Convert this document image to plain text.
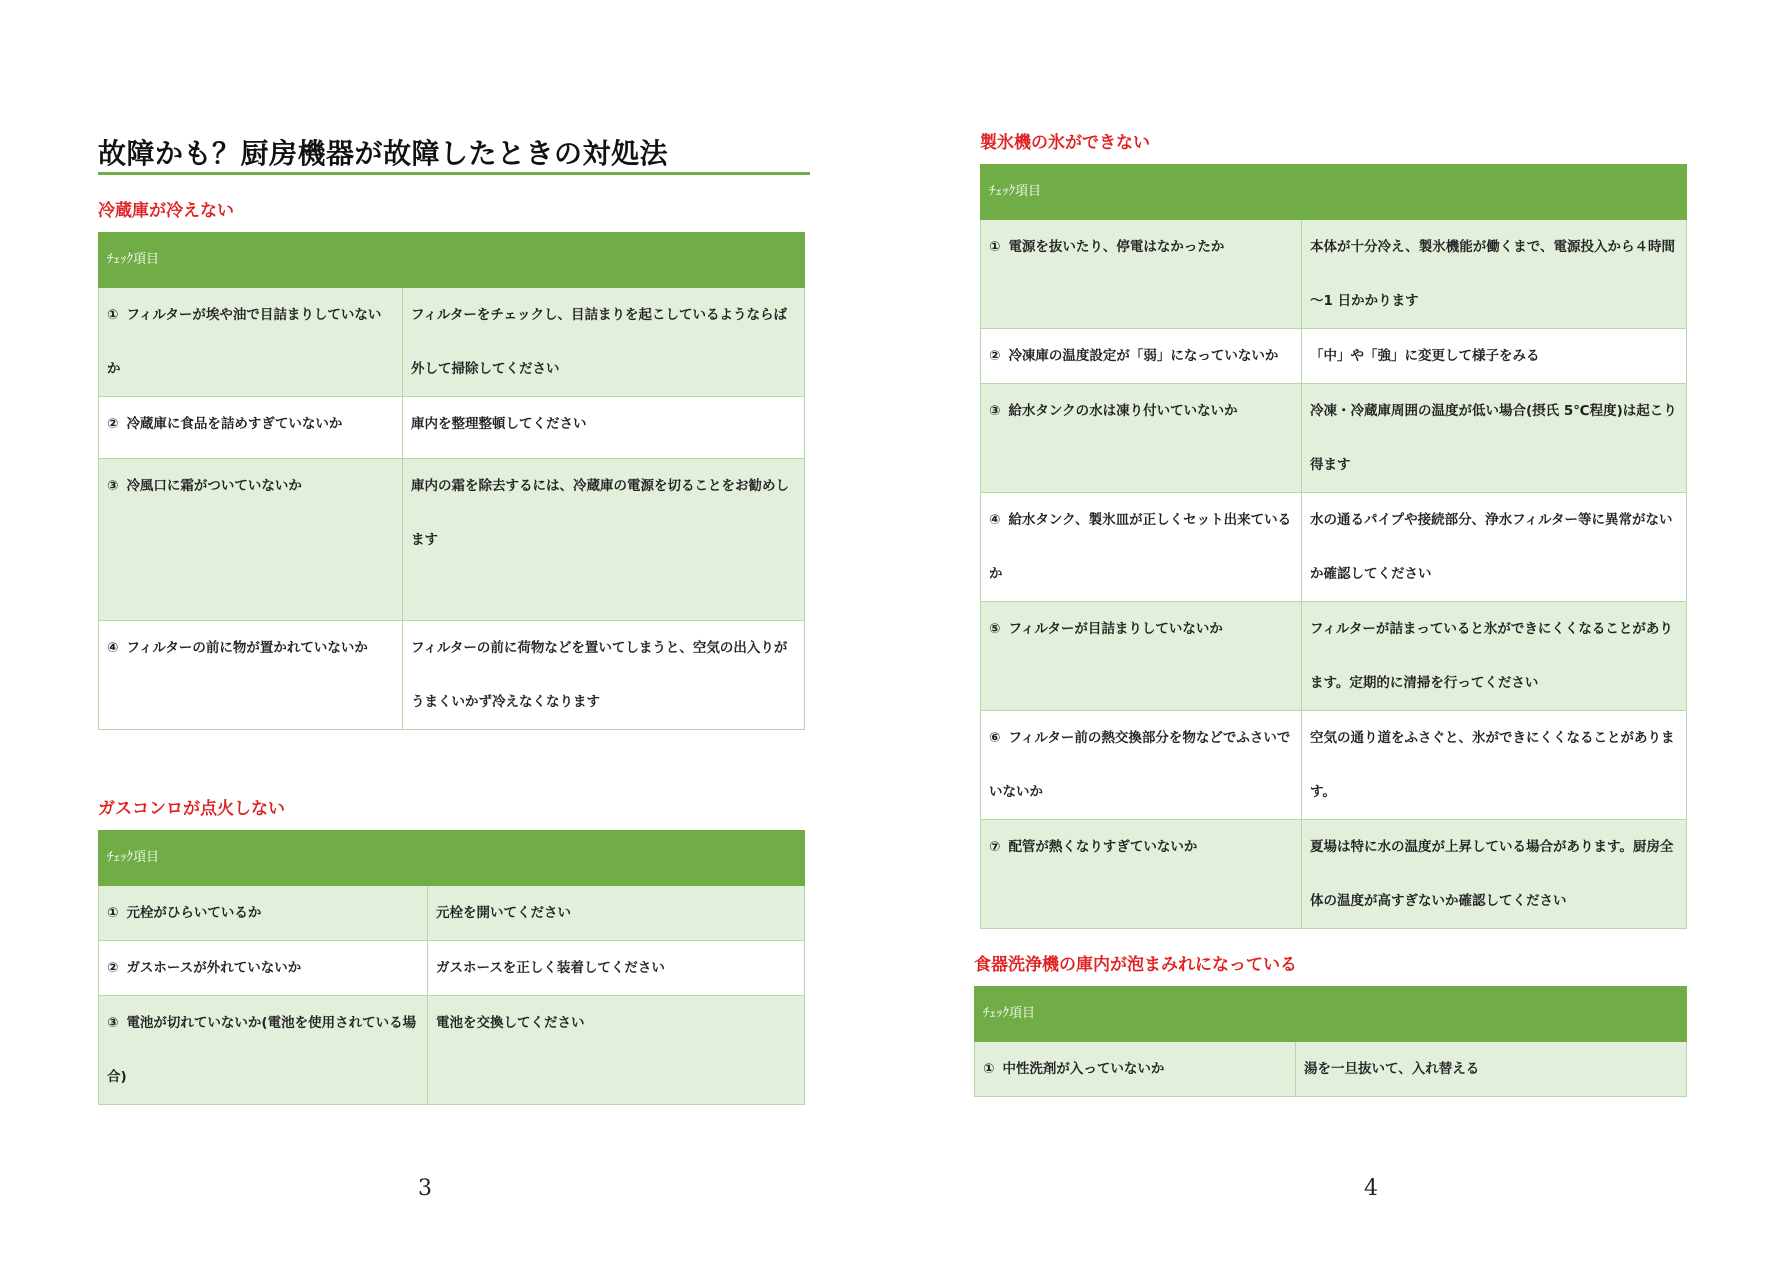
故障かも？厨房機器が故障したときの対処法
冷蔵庫が冷えない
ﾁｪｯｸ項目	
① フィルターが埃や油で目詰まりしていないか	フィルターをチェックし、目詰まりを起こしているようならば外して掃除してください
② 冷蔵庫に食品を詰めすぎていないか	庫内を整理整頓してください
③ 冷風口に霜がついていないか	庫内の霜を除去するには、冷蔵庫の電源を切ることをお勧めします
④ フィルターの前に物が置かれていないか	フィルターの前に荷物などを置いてしまうと、空気の出入りがうまくいかず冷えなくなります
ガスコンロが点火しない
ﾁｪｯｸ項目	
① 元栓がひらいているか	元栓を開いてください
② ガスホースが外れていないか	ガスホースを正しく装着してください
③ 電池が切れていないか(電池を使用されている場合)	電池を交換してください
3
製氷機の氷ができない
ﾁｪｯｸ項目	
① 電源を抜いたり、停電はなかったか	本体が十分冷え、製氷機能が働くまで、電源投入から４時間～1 日かかります
② 冷凍庫の温度設定が「弱」になっていないか	「中」や「強」に変更して様子をみる
③ 給水タンクの水は凍り付いていないか	冷凍・冷蔵庫周囲の温度が低い場合(摂氏 5℃程度)は起こり得ます
④ 給水タンク、製氷皿が正しくセット出来ているか	水の通るパイプや接続部分、浄水フィルター等に異常がないか確認してください
⑤ フィルターが目詰まりしていないか	フィルターが詰まっていると氷ができにくくなることがあります。定期的に清掃を行ってください
⑥ フィルター前の熱交換部分を物などでふさいでいないか	空気の通り道をふさぐと、氷ができにくくなることがあります。
⑦ 配管が熱くなりすぎていないか	夏場は特に水の温度が上昇している場合があります。厨房全体の温度が高すぎないか確認してください
食器洗浄機の庫内が泡まみれになっている
ﾁｪｯｸ項目
① 中性洗剤が入っていないか	湯を一旦抜いて、入れ替える
4
